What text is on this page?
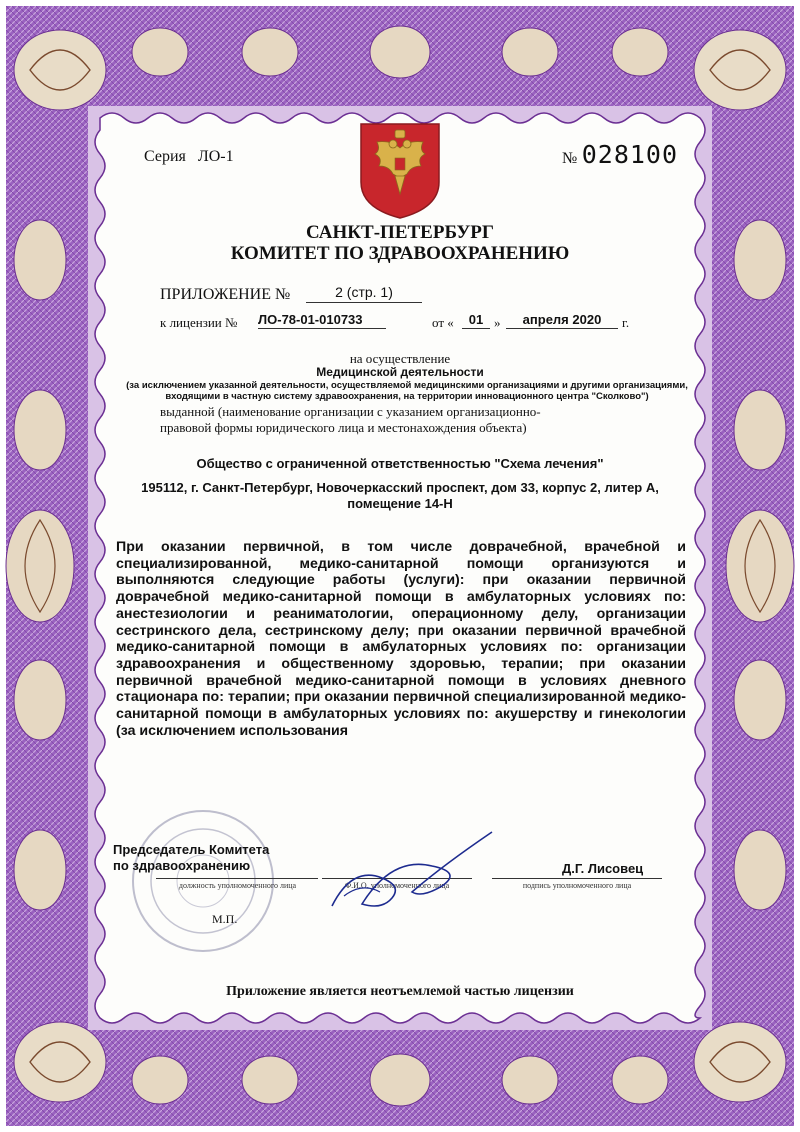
Серия ЛО-1	№ 028100
САНКТ-ПЕТЕРБУРГ
КОМИТЕТ ПО ЗДРАВООХРАНЕНИЮ
ПРИЛОЖЕНИЕ №	2 (стр. 1)
к лицензии № ЛО-78-01-010733	от «	01 »	апреля 2020	г.
на осуществление
Медицинской деятельности
(за исключением указанной деятельности, осуществляемой медицинскими организациями и другими организациями, входящими в частную систему здравоохранения, на территории инновационного центра "Сколково")
выданной (наименование организации с указанием организационно-
правовой формы юридического лица и местонахождения объекта)
Общество с ограниченной ответственностью "Схема лечения"
195112, г. Санкт-Петербург, Новочеркасский проспект, дом 33, корпус 2, литер А,
помещение 14-Н
При оказании первичной, в том числе доврачебной, врачебной и специализированной, медико-санитарной помощи организуются и выполняются следующие работы (услуги): при оказании первичной доврачебной медико-санитарной помощи в амбулаторных условиях по: анестезиологии и реаниматологии, операционному делу, организации сестринского дела, сестринскому делу; при оказании первичной врачебной медико-санитарной помощи в амбулаторных условиях по: организации здравоохранения и общественному здоровью, терапии; при оказании первичной врачебной медико-санитарной помощи в условиях дневного стационара по: терапии; при оказании первичной специализированной медико-санитарной помощи в амбулаторных условиях по: акушерству и гинекологии (за исключением использования
Председатель Комитета
по здравоохранению
должность уполномоченного лица	Ф.И.О. уполномоченного лица
Д.Г. Лисовец
подпись уполномоченного лица
М.П.
Приложение является неотъемлемой частью лицензии
